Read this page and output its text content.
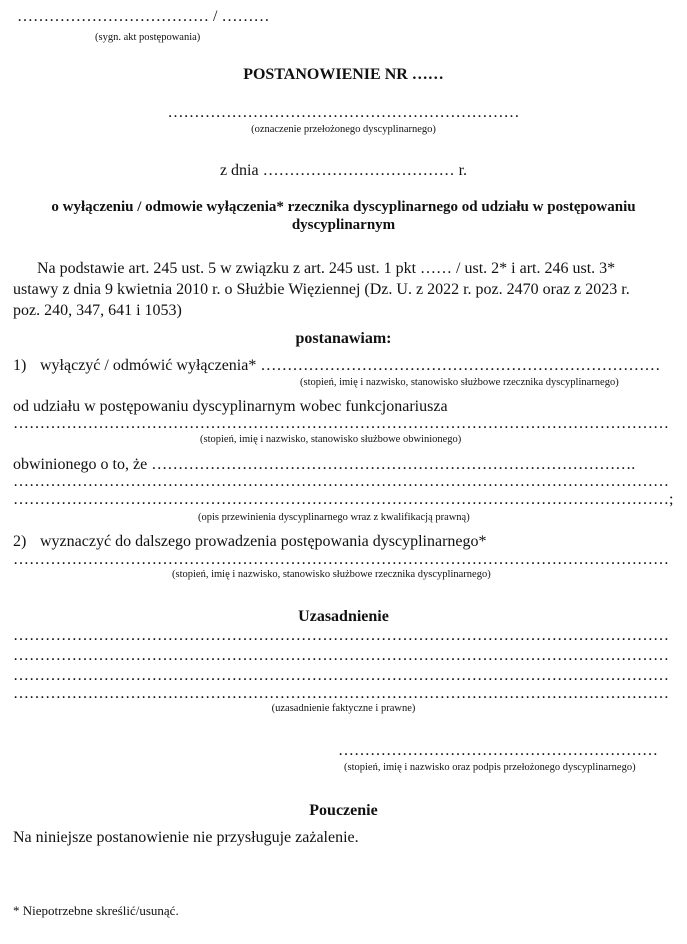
……………………………… / ………
(sygn. akt postępowania)
POSTANOWIENIE NR ……
…………………………………………………………
(oznaczenie przełożonego dyscyplinarnego)
z dnia ……………………………… r.
o wyłączeniu / odmowie wyłączenia* rzecznika dyscyplinarnego od udziału w postępowaniu
dyscyplinarnym
Na podstawie art. 245 ust. 5 w związku z art. 245 ust. 1 pkt …… / ust. 2* i art. 246 ust. 3*
ustawy z dnia 9 kwietnia 2010 r. o Służbie Więziennej (Dz. U. z 2022 r. poz. 2470 oraz z 2023 r.
poz. 240, 347, 641 i 1053)
postanawiam:
1) wyłączyć / odmówić wyłączenia* …………………………………………………………………
(stopień, imię i nazwisko, stanowisko służbowe rzecznika dyscyplinarnego)
od udziału w postępowaniu dyscyplinarnym wobec funkcjonariusza
……………………………………………………………………………………………………………
(stopień, imię i nazwisko, stanowisko służbowe obwinionego)
obwinionego o to, że ……………………………………………………………………………….
……………………………………………………………………………………………………………
……………………………………………………………………………………………………………;
(opis przewinienia dyscyplinarnego wraz z kwalifikacją prawną)
2) wyznaczyć do dalszego prowadzenia postępowania dyscyplinarnego*
……………………………………………………………………………………………………………
(stopień, imię i nazwisko, stanowisko służbowe rzecznika dyscyplinarnego)
Uzasadnienie
……………………………………………………………………………………………………………
……………………………………………………………………………………………………………
……………………………………………………………………………………………………………
……………………………………………………………………………………………………………
(uzasadnienie faktyczne i prawne)
……………………………………………………
(stopień, imię i nazwisko oraz podpis przełożonego dyscyplinarnego)
Pouczenie
Na niniejsze postanowienie nie przysługuje zażalenie.
* Niepotrzebne skreślić/usunąć.
